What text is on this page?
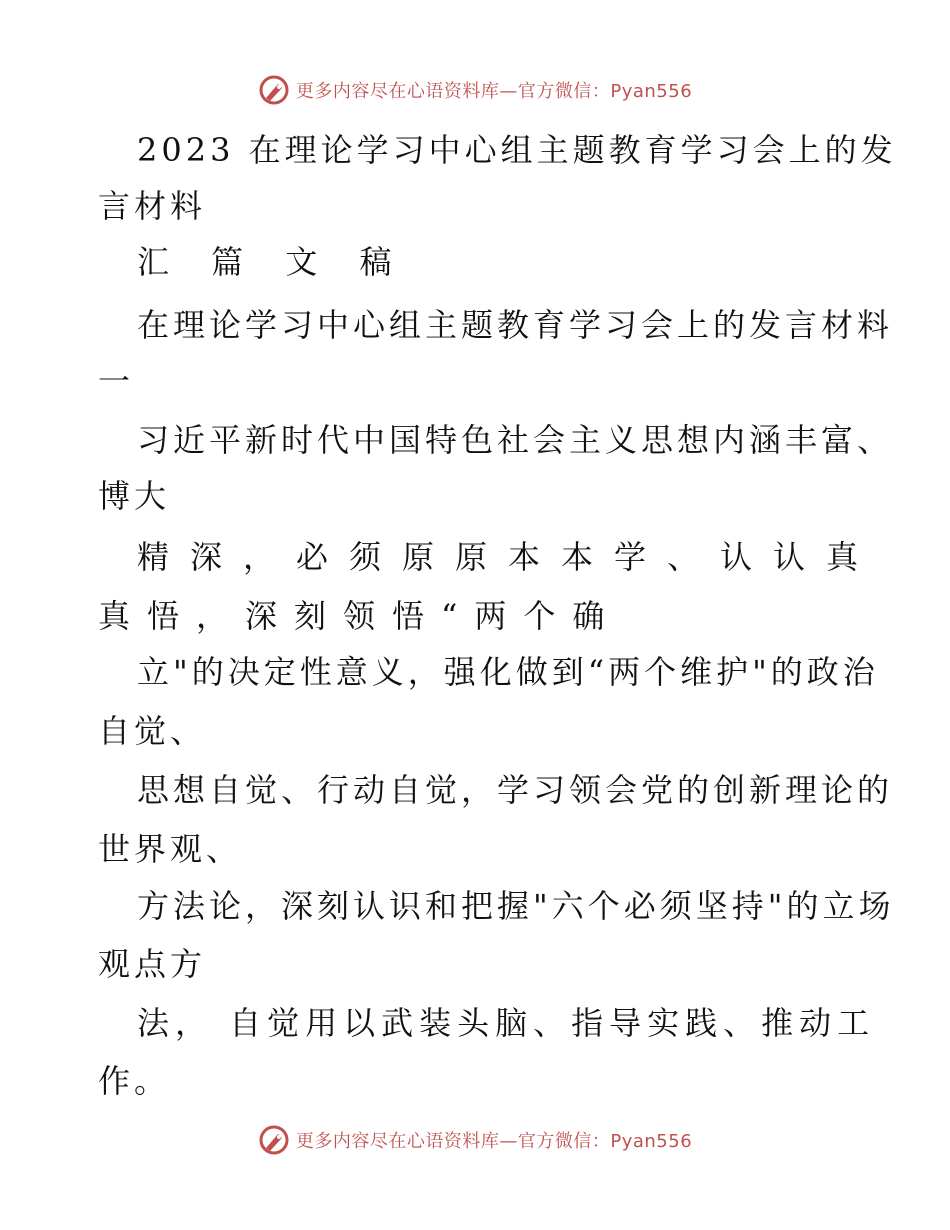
更多内容尽在心语资料库—官方微信：Pyan556
2023 在理论学习中心组主题教育学习会上的发
言材料
汇 篇 文 稿
在理论学习中心组主题教育学习会上的发言材料
一
习近平新时代中国特色社会主义思想内涵丰富、
博大
精深，必须原原本本学、认认真
真悟，深刻领悟“两个确
立"的决定性意义，强化做到“两个维护"的政治
自觉、
思想自觉、行动自觉，学习领会党的创新理论的
世界观、
方法论，深刻认识和把握"六个必须坚持"的立场
观点方
法， 自觉用以武装头脑、指导实践、推动工
作。
更多内容尽在心语资料库—官方微信：Pyan556
